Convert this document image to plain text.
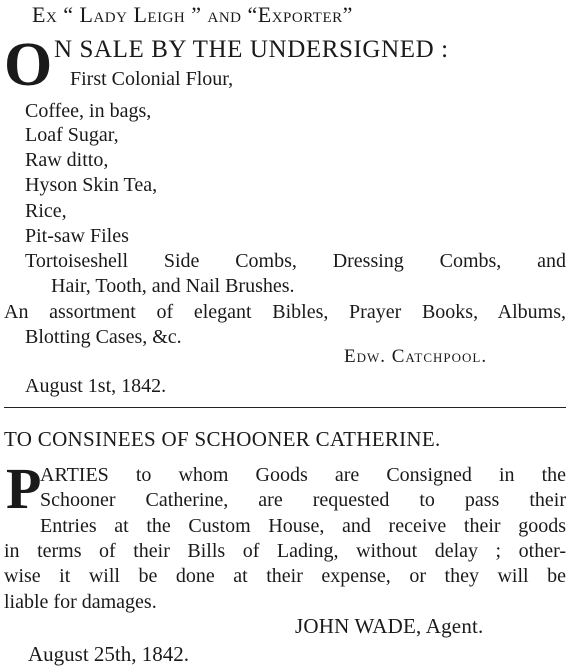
Ex “ Lady Leigh ” and “Exporter”
O N SALE BY THE UNDERSIGNED :
First Colonial Flour,
Coffee, in bags,
Loaf Sugar,
Raw ditto,
Hyson Skin Tea,
Rice,
Pit-saw Files
Tortoiseshell Side Combs, Dressing Combs, and
Hair, Tooth, and Nail Brushes.
An assortment of elegant Bibles, Prayer Books, Albums,
Blotting Cases, &c.
Edw. Catchpool.
August 1st, 1842.
TO CONSINEES OF SCHOONER CATHERINE.
P
ARTIES to whom Goods are Consigned in the
Schooner Catherine, are requested to pass their
Entries at the Custom House, and receive their goods
in terms of their Bills of Lading, without delay ; other-
wise it will be done at their expense, or they will be
liable for damages.
JOHN WADE, Agent.
August 25th, 1842.
